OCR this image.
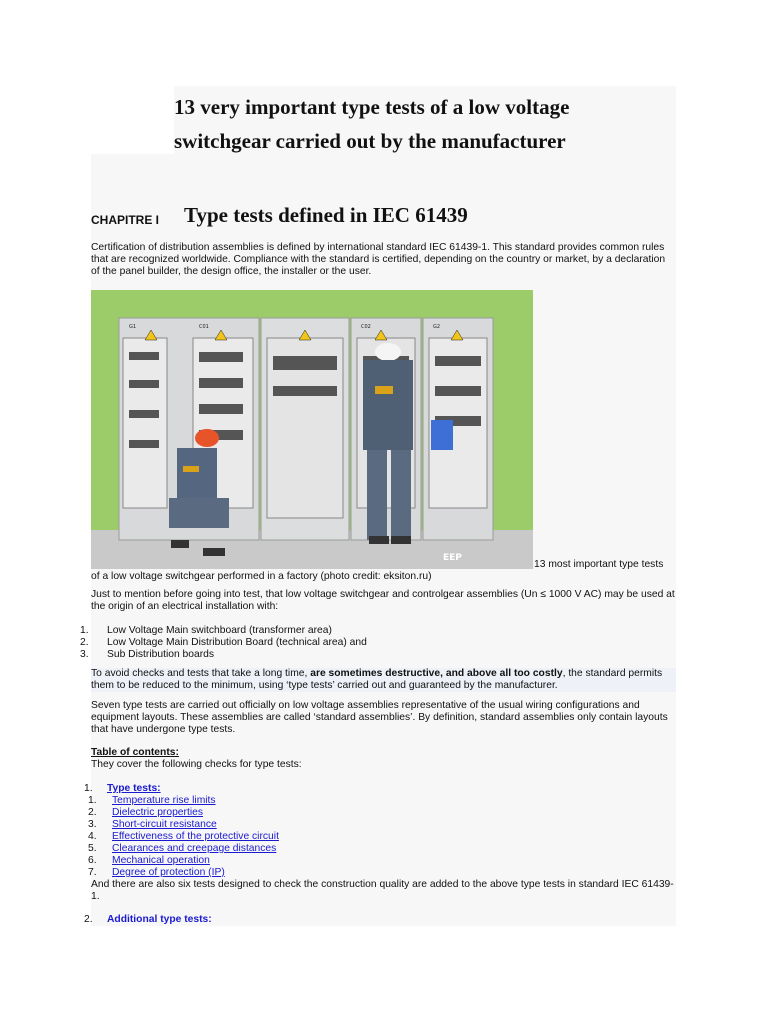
13 very important type tests of a low voltage
switchgear carried out by the manufacturer
CHAPITRE I Type tests defined in IEC 61439
Certification of distribution assemblies is defined by international standard IEC 61439-1. This standard provides common rules that are recognized worldwide. Compliance with the standard is certified, depending on the country or market, by a declaration of the panel builder, the design office, the installer or the user.
G1	C01	C02	G2
EEP
13 most important type tests
of a low voltage switchgear performed in a factory (photo credit: eksiton.ru)
Just to mention before going into test, that low voltage switchgear and controlgear assemblies (Un ≤ 1000 V AC) may be used at the origin of an electrical installation with:
1.	Low Voltage Main switchboard (transformer area)
2.	Low Voltage Main Distribution Board (technical area) and
3.	Sub Distribution boards
To avoid checks and tests that take a long time, are sometimes destructive, and above all too costly, the standard permits them to be reduced to the minimum, using ‘type tests’ carried out and guaranteed by the manufacturer.
Seven type tests are carried out officially on low voltage assemblies representative of the usual wiring configurations and equipment layouts. These assemblies are called ‘standard assemblies’. By definition, standard assemblies only contain layouts that have undergone type tests.
Table of contents:
They cover the following checks for type tests:
1. Type tests:
1. Temperature rise limits
2. Dielectric properties
3. Short-circuit resistance
4. Effectiveness of the protective circuit
5. Clearances and creepage distances
6. Mechanical operation
7. Degree of protection (IP)
And there are also six tests designed to check the construction quality are added to the above type tests in standard IEC 61439-1.
2. Additional type tests:
